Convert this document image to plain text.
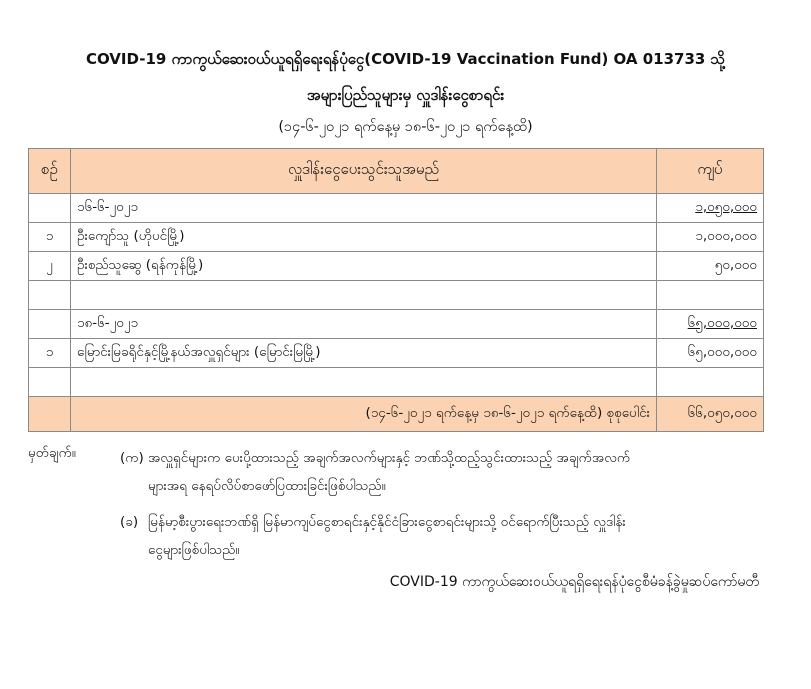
COVID-19 ကာကွယ်ဆေးဝယ်ယူရရှိရေးရန်ပုံငွေ(COVID-19 Vaccination Fund) OA 013733 သို့
အများပြည်သူများမှ လှူဒါန်းငွေစာရင်း
(၁၄-၆-၂၀၂၁ ရက်နေ့မှ ၁၈-၆-၂၀၂၁ ရက်နေ့ထိ)
စဉ်	လှူဒါန်းငွေပေးသွင်းသူအမည်	ကျပ်
	၁၆-၆-၂၀၂၁	၁,၀၅၀,၀၀၀
၁	ဦးကျော်သူ (ဟိုပင်မြို့)	၁,၀၀၀,၀၀၀
၂	ဦးစည်သူဆွေ (ရန်ကုန်မြို့)	၅၀,၀၀၀

	၁၈-၆-၂၀၂၁	၆၅,၀၀၀,၀၀၀
၁	မြောင်းမြခရိုင်နှင့်မြို့နယ်အလှူရှင်များ (မြောင်းမြမြို့)	၆၅,၀၀၀,၀၀၀

	(၁၄-၆-၂၀၂၁ ရက်နေ့မှ ၁၈-၆-၂၀၂၁ ရက်နေ့ထိ) စုစုပေါင်း	၆၆,၀၅၀,၀၀၀
မှတ်ချက်။	(က) အလှူရှင်များက ပေးပို့ထားသည့် အချက်အလက်များနှင့် ဘဏ်သို့ထည့်သွင်းထားသည့် အချက်အလက်
များအရ နေရပ်လိပ်စာဖော်ပြထားခြင်းဖြစ်ပါသည်။
(ခ) မြန်မာ့စီးပွားရေးဘဏ်ရှိ မြန်မာကျပ်ငွေစာရင်းနှင့်နိုင်ငံခြားငွေစာရင်းများသို့ ဝင်ရောက်ပြီးသည့် လှူဒါန်း
ငွေများဖြစ်ပါသည်။
COVID-19 ကာကွယ်ဆေးဝယ်ယူရရှိရေးရန်ပုံငွေစီမံခန့်ခွဲမှုဆပ်ကော်မတီ
